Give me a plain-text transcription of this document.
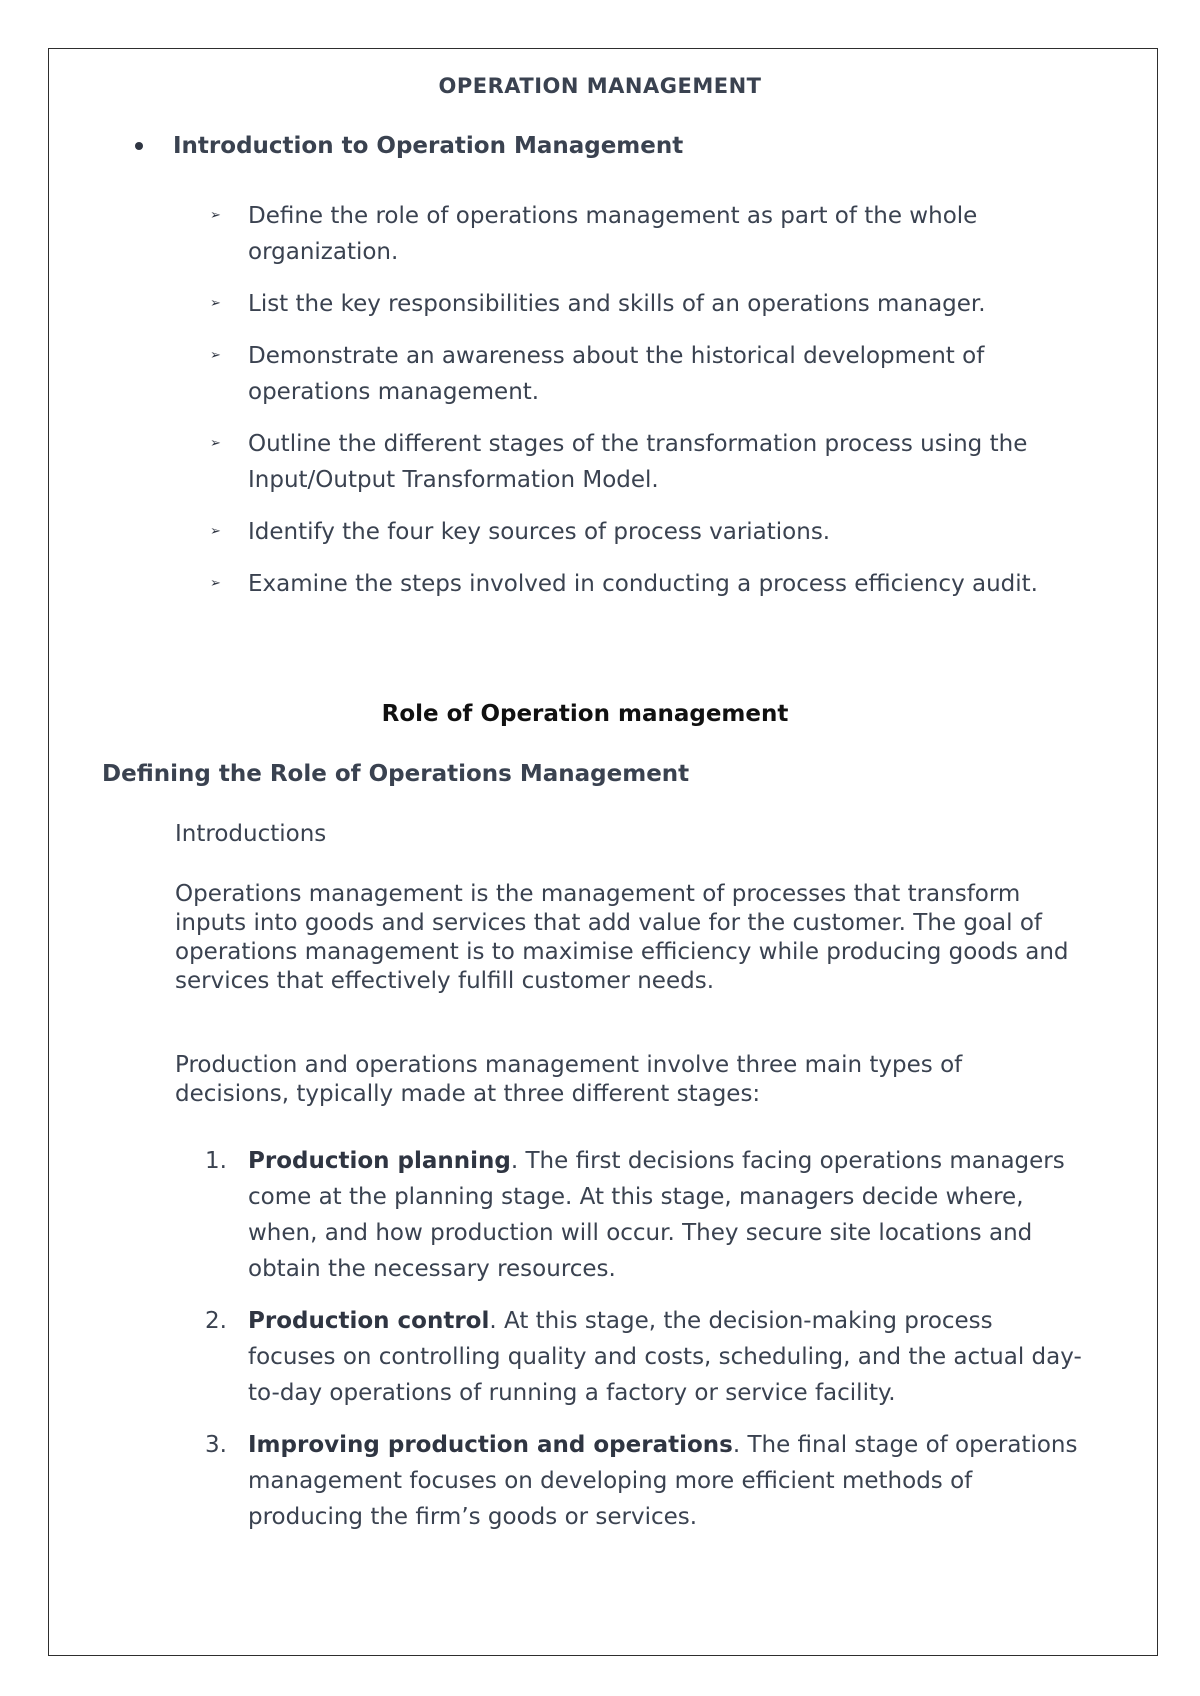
OPERATION MANAGEMENT

Introduction to Operation Management

➢ Define the role of operations management as part of the whole organization.
➢ List the key responsibilities and skills of an operations manager.
➢ Demonstrate an awareness about the historical development of operations management.
➢ Outline the different stages of the transformation process using the Input/Output Transformation Model.
➢ Identify the four key sources of process variations.
➢ Examine the steps involved in conducting a process efficiency audit.
Role of Operation management
Defining the Role of Operations Management

Introductions

Operations management is the management of processes that transform inputs into goods and services that add value for the customer. The goal of operations management is to maximise efficiency while producing goods and services that effectively fulfill customer needs.

Production and operations management involve three main types of decisions, typically made at three different stages:

1. Production planning. The first decisions facing operations managers come at the planning stage. At this stage, managers decide where, when, and how production will occur. They secure site locations and obtain the necessary resources.
2. Production control. At this stage, the decision-making process focuses on controlling quality and costs, scheduling, and the actual day-to-day operations of running a factory or service facility.
3. Improving production and operations. The final stage of operations management focuses on developing more efficient methods of producing the firm’s goods or services.
